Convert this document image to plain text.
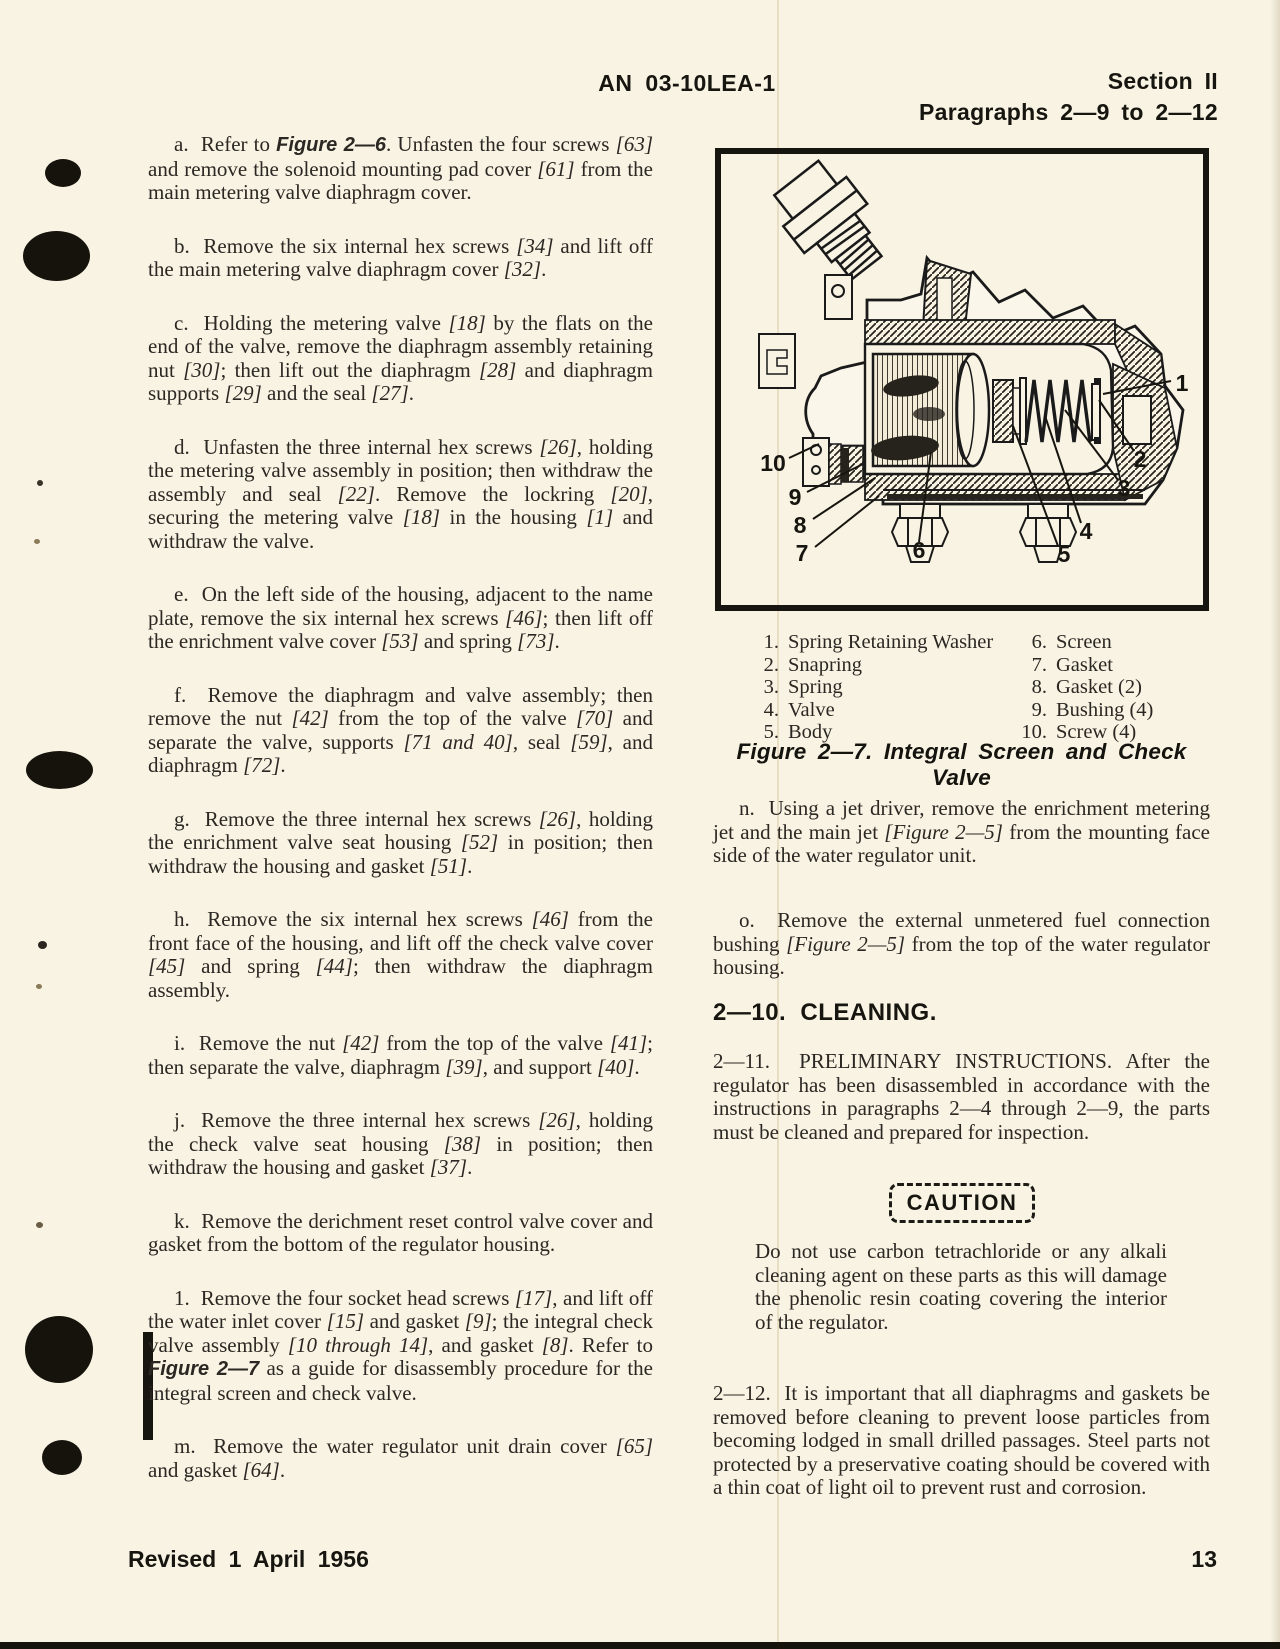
AN 03-10LEA-1	Section II
Paragraphs 2—9 to 2—12

a.  Refer to Figure 2—6. Unfasten the four screws [63] and remove the solenoid mounting pad cover [61] from the main metering valve diaphragm cover.

b.  Remove the six internal hex screws [34] and lift off the main metering valve diaphragm cover [32].

c.  Holding the metering valve [18] by the flats on the end of the valve, remove the diaphragm assembly retaining nut [30]; then lift out the diaphragm [28] and diaphragm supports [29] and the seal [27].

d.  Unfasten the three internal hex screws [26], holding the metering valve assembly in position; then withdraw the assembly and seal [22]. Remove the lockring [20], securing the metering valve [18] in the housing [1] and withdraw the valve.

e.  On the left side of the housing, adjacent to the name plate, remove the six internal hex screws [46]; then lift off the enrichment valve cover [53] and spring [73].

f.  Remove the diaphragm and valve assembly; then remove the nut [42] from the top of the valve [70] and separate the valve, supports [71 and 40], seal [59], and diaphragm [72].

g.  Remove the three internal hex screws [26], holding the enrichment valve seat housing [52] in position; then withdraw the housing and gasket [51].

h.  Remove the six internal hex screws [46] from the front face of the housing, and lift off the check valve cover [45] and spring [44]; then withdraw the diaphragm assembly.

i.  Remove the nut [42] from the top of the valve [41]; then separate the valve, diaphragm [39], and support [40].

j.  Remove the three internal hex screws [26], holding the check valve seat housing [38] in position; then withdraw the housing and gasket [37].

k.  Remove the derichment reset control valve cover and gasket from the bottom of the regulator housing.

1.  Remove the four socket head screws [17], and lift off the water inlet cover [15] and gasket [9]; the integral check valve assembly [10 through 14], and gasket [8]. Refer to Figure 2—7 as a guide for disassembly procedure for the integral screen and check valve.

m.  Remove the water regulator unit drain cover [65] and gasket [64].

1
2
3
4
5
6
7
8
9
10
1. Spring Retaining Washer
2. Snapring
3. Spring
4. Valve
5. Body
6. Screen
7. Gasket
8. Gasket (2)
9. Bushing (4)
10. Screw (4)
Figure 2—7. Integral Screen and Check Valve

n.  Using a jet driver, remove the enrichment metering jet and the main jet [Figure 2—5] from the mounting face side of the water regulator unit.

o.  Remove the external unmetered fuel connection bushing [Figure 2—5] from the top of the water regulator housing.

2—10. CLEANING.

2—11.  PRELIMINARY INSTRUCTIONS. After the regulator has been disassembled in accordance with the instructions in paragraphs 2—4 through 2—9, the parts must be cleaned and prepared for inspection.

CAUTION

Do not use carbon tetrachloride or any alkali cleaning agent on these parts as this will damage the phenolic resin coating covering the interior of the regulator.

2—12.  It is important that all diaphragms and gaskets be removed before cleaning to prevent loose particles from becoming lodged in small drilled passages. Steel parts not protected by a preservative coating should be covered with a thin coat of light oil to prevent rust and corrosion.

Revised 1 April 1956	13
